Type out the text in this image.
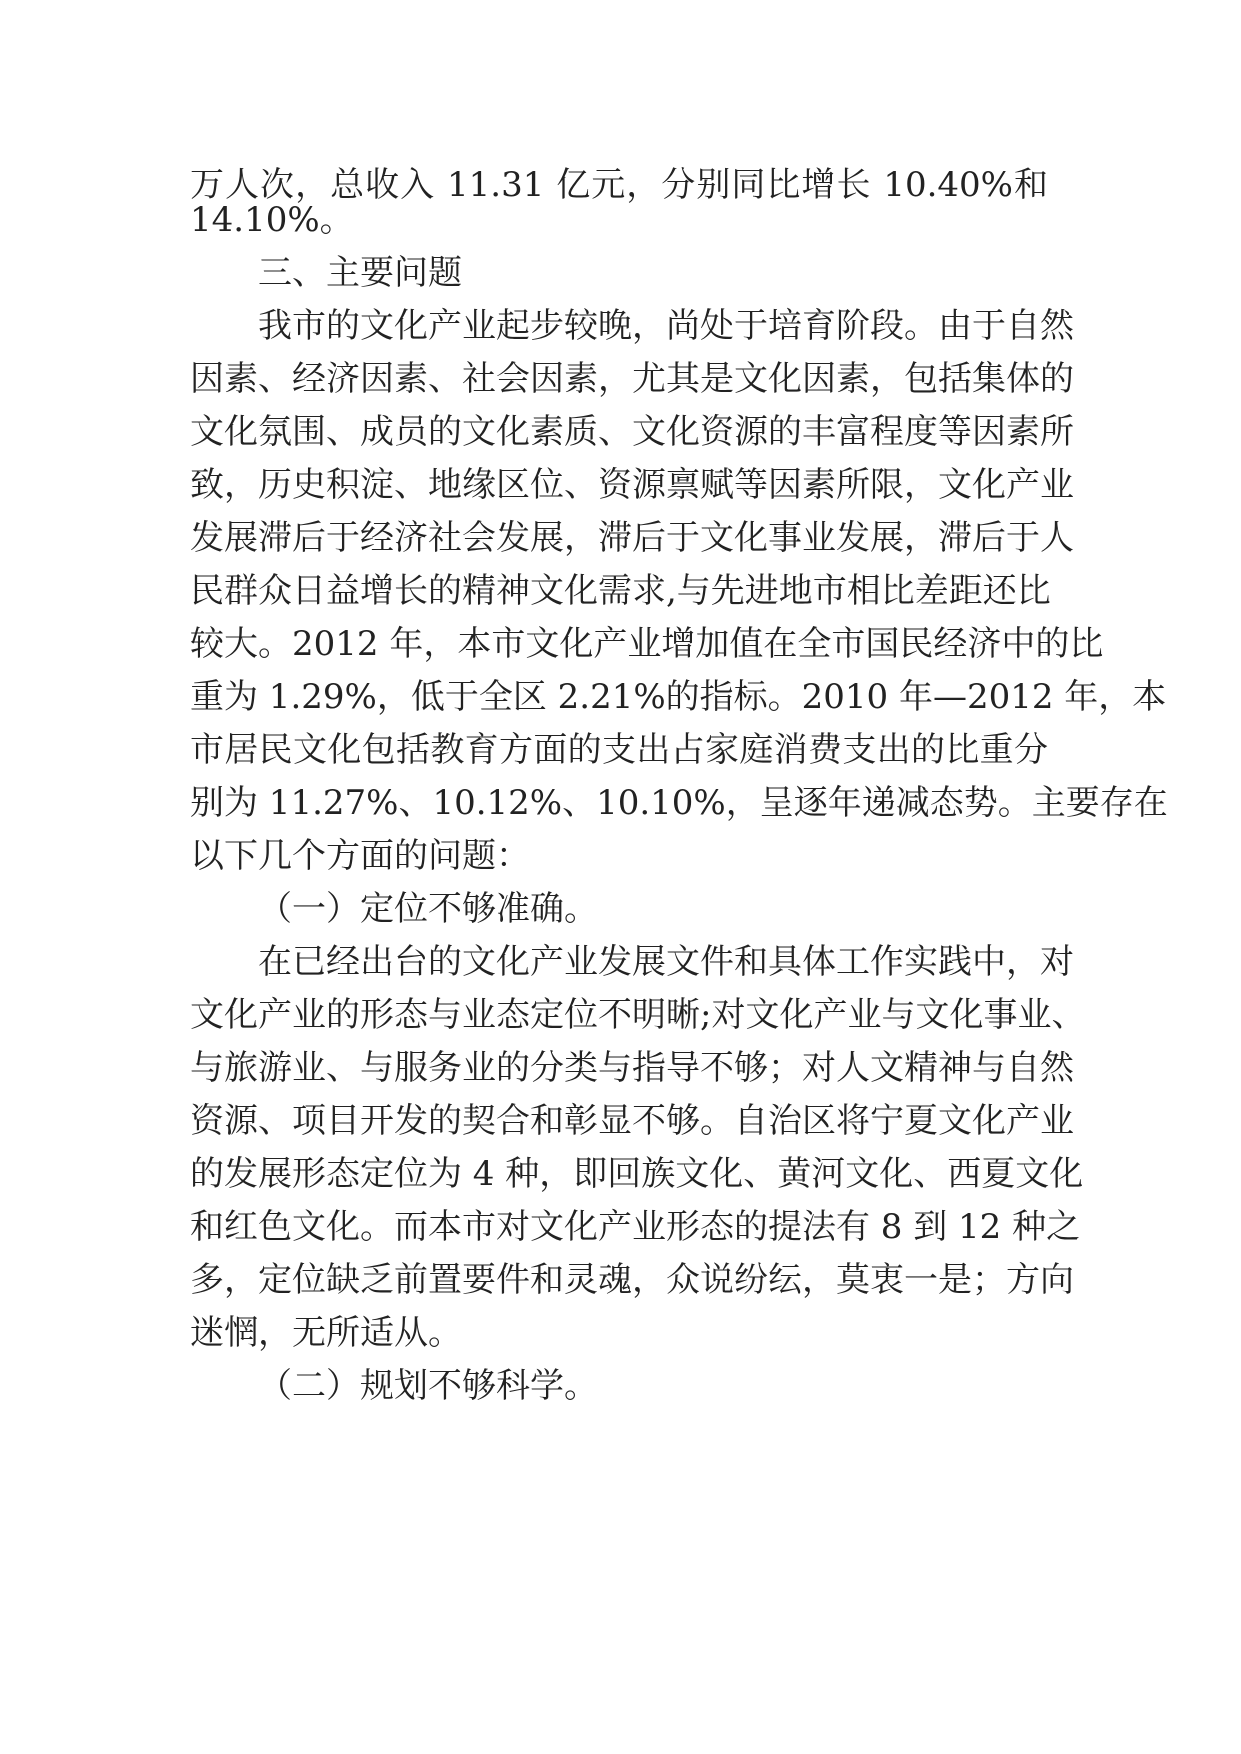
万人次，总收入 11.31 亿元，分别同比增长 10.40%和
14.10%。
三、主要问题
我市的文化产业起步较晚，尚处于培育阶段。由于自然
因素、经济因素、社会因素，尤其是文化因素，包括集体的
文化氛围、成员的文化素质、文化资源的丰富程度等因素所
致，历史积淀、地缘区位、资源禀赋等因素所限，文化产业
发展滞后于经济社会发展，滞后于文化事业发展，滞后于人
民群众日益增长的精神文化需求,与先进地市相比差距还比
较大。2012 年，本市文化产业增加值在全市国民经济中的比
重为 1.29%，低于全区 2.21%的指标。2010 年—2012 年，本
市居民文化包括教育方面的支出占家庭消费支出的比重分
别为 11.27%、10.12%、10.10%，呈逐年递减态势。主要存在
以下几个方面的问题：
（一）定位不够准确。
在已经出台的文化产业发展文件和具体工作实践中，对
文化产业的形态与业态定位不明晰;对文化产业与文化事业、
与旅游业、与服务业的分类与指导不够；对人文精神与自然
资源、项目开发的契合和彰显不够。自治区将宁夏文化产业
的发展形态定位为 4 种，即回族文化、黄河文化、西夏文化
和红色文化。而本市对文化产业形态的提法有 8 到 12 种之
多，定位缺乏前置要件和灵魂，众说纷纭，莫衷一是；方向
迷惘，无所适从。
（二）规划不够科学。
